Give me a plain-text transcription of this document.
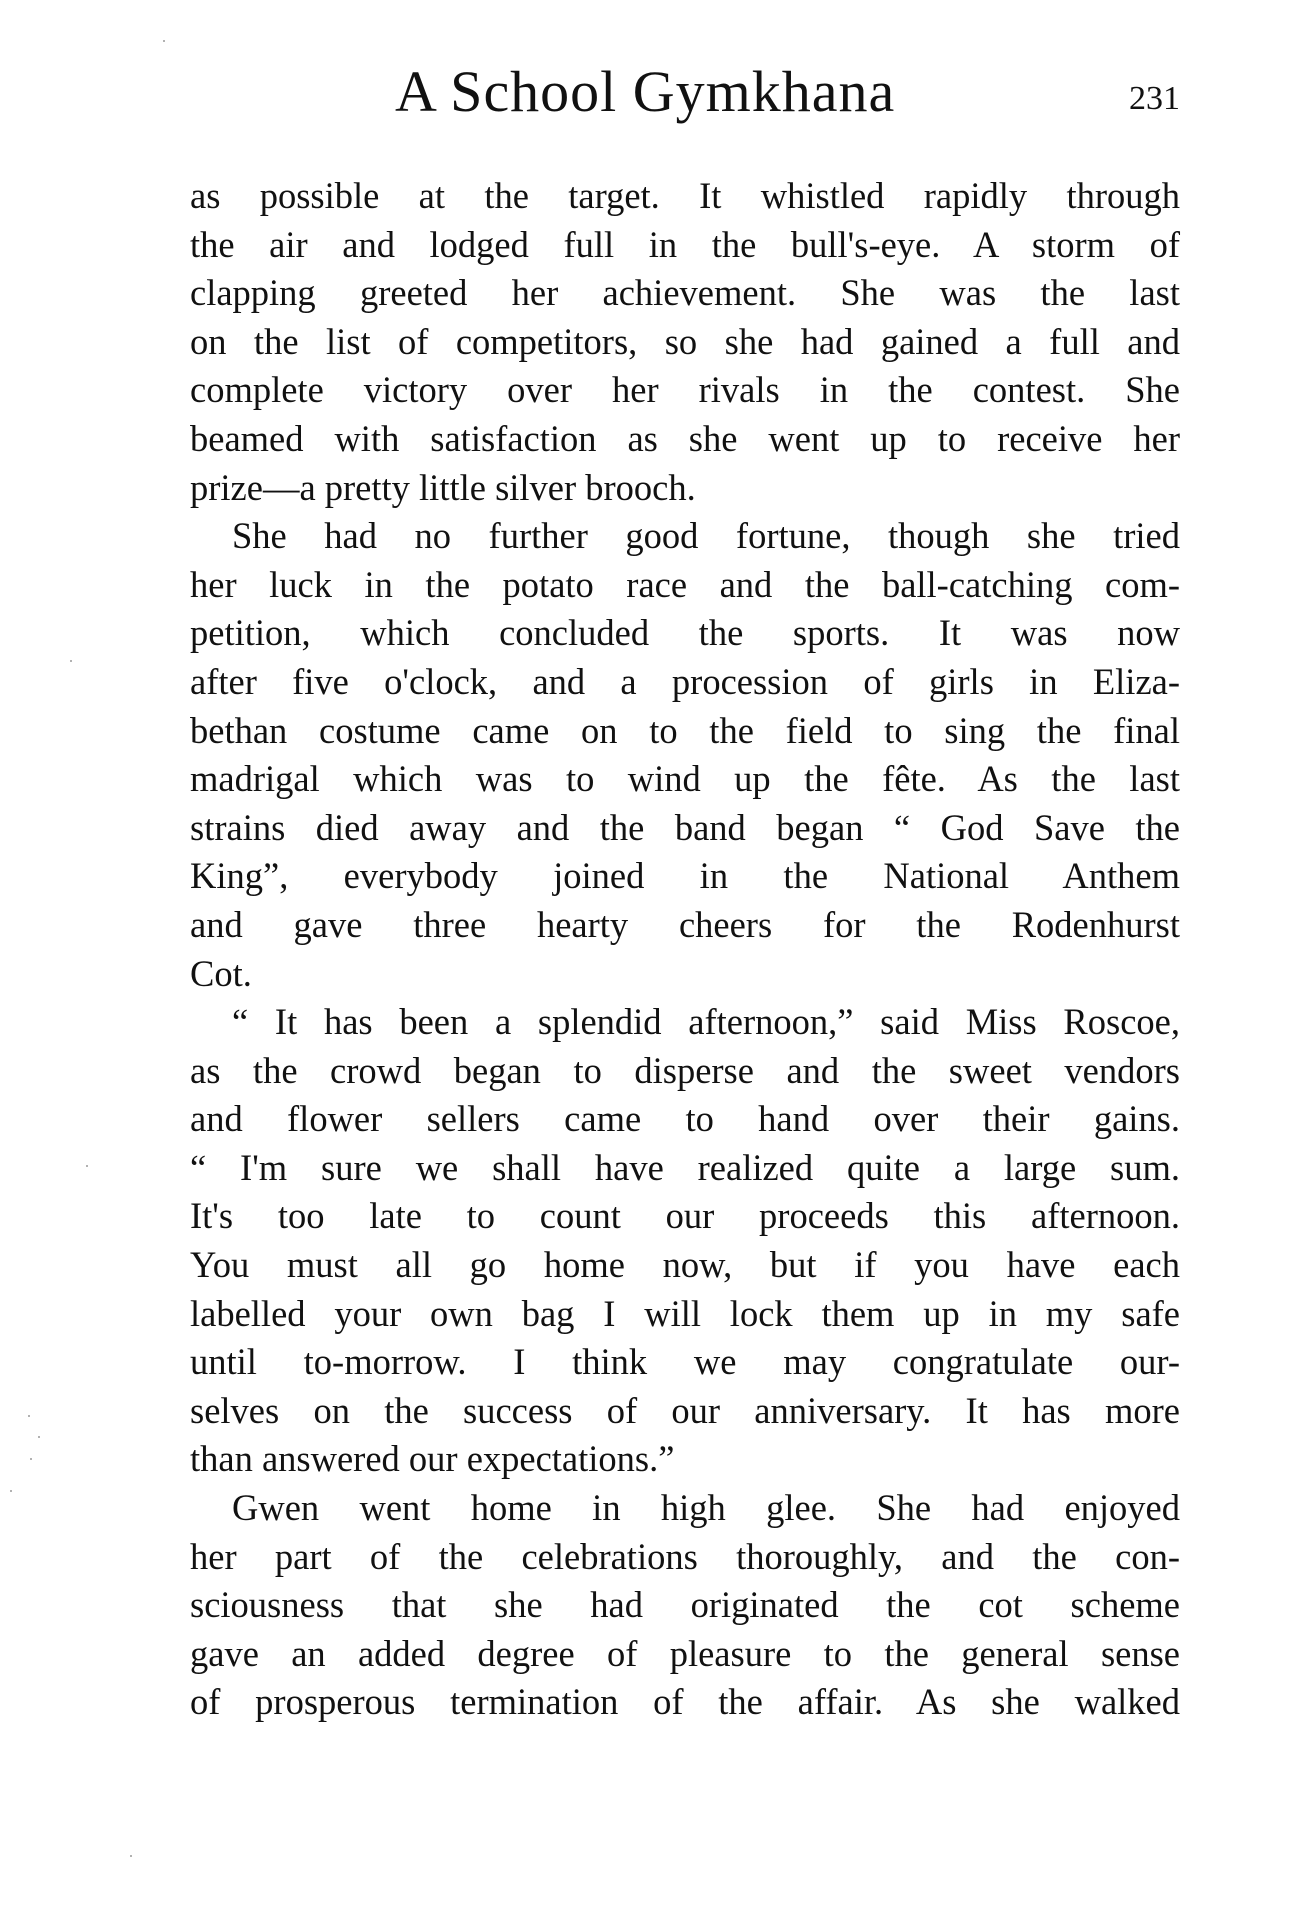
A School Gymkhana	231
as possible at the target. It whistled rapidly through
the air and lodged full in the bull's-eye. A storm of
clapping greeted her achievement. She was the last
on the list of competitors, so she had gained a full and
complete victory over her rivals in the contest. She
beamed with satisfaction as she went up to receive her
prize—a pretty little silver brooch.
She had no further good fortune, though she tried
her luck in the potato race and the ball-catching com-
petition, which concluded the sports. It was now
after five o'clock, and a procession of girls in Eliza-
bethan costume came on to the field to sing the final
madrigal which was to wind up the fête. As the last
strains died away and the band began “ God Save the
King”, everybody joined in the National Anthem
and gave three hearty cheers for the Rodenhurst
Cot.
“ It has been a splendid afternoon,” said Miss Roscoe,
as the crowd began to disperse and the sweet vendors
and flower sellers came to hand over their gains.
“ I'm sure we shall have realized quite a large sum.
It's too late to count our proceeds this afternoon.
You must all go home now, but if you have each
labelled your own bag I will lock them up in my safe
until to-morrow. I think we may congratulate our-
selves on the success of our anniversary. It has more
than answered our expectations.”
Gwen went home in high glee. She had enjoyed
her part of the celebrations thoroughly, and the con-
sciousness that she had originated the cot scheme
gave an added degree of pleasure to the general sense
of prosperous termination of the affair. As she walked
